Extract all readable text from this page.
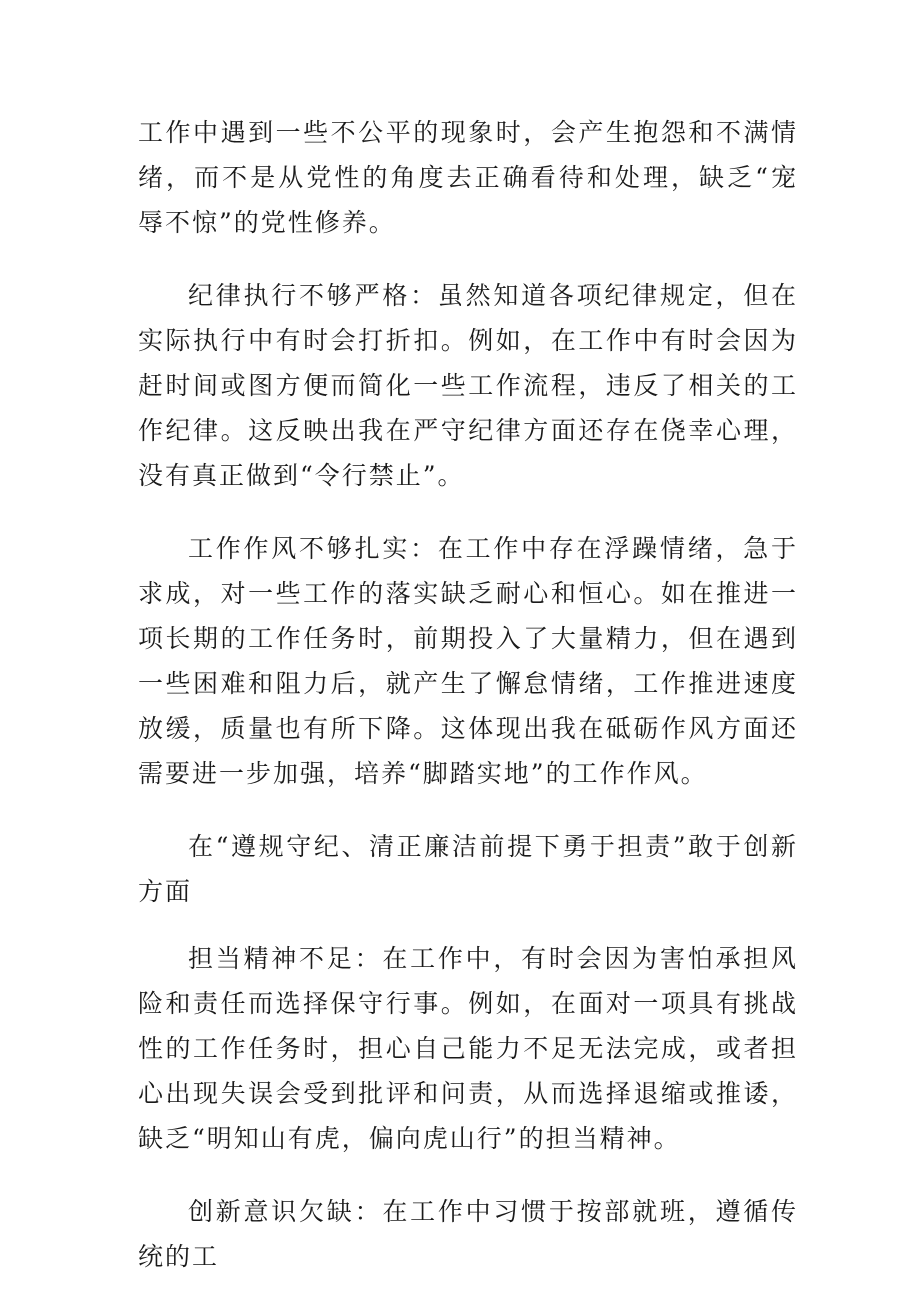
工作中遇到一些不公平的现象时，会产生抱怨和不满情绪，而不是从党性的角度去正确看待和处理，缺乏“宠辱不惊”的党性修养。

纪律执行不够严格：虽然知道各项纪律规定，但在实际执行中有时会打折扣。例如，在工作中有时会因为赶时间或图方便而简化一些工作流程，违反了相关的工作纪律。这反映出我在严守纪律方面还存在侥幸心理，没有真正做到“令行禁止”。

工作作风不够扎实：在工作中存在浮躁情绪，急于求成，对一些工作的落实缺乏耐心和恒心。如在推进一项长期的工作任务时，前期投入了大量精力，但在遇到一些困难和阻力后，就产生了懈怠情绪，工作推进速度放缓，质量也有所下降。这体现出我在砥砺作风方面还需要进一步加强，培养“脚踏实地”的工作作风。

在“遵规守纪、清正廉洁前提下勇于担责”敢于创新方面

担当精神不足：在工作中，有时会因为害怕承担风险和责任而选择保守行事。例如，在面对一项具有挑战性的工作任务时，担心自己能力不足无法完成，或者担心出现失误会受到批评和问责，从而选择退缩或推诿，缺乏“明知山有虎，偏向虎山行”的担当精神。

创新意识欠缺：在工作中习惯于按部就班，遵循传统的工
